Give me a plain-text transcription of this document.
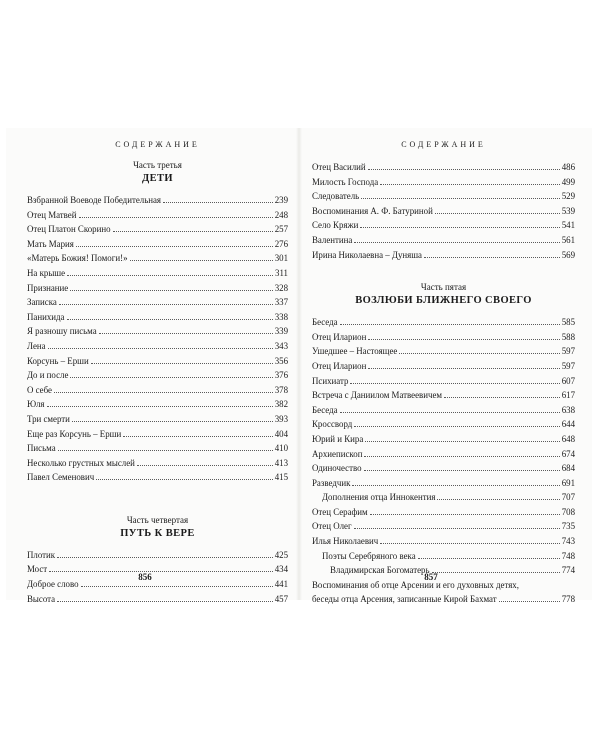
СОДЕРЖАНИЕ
Часть третья
ДЕТИ
Взбранной Воеводе Победительная	239
Отец Матвей	248
Отец Платон Скорино	257
Мать Мария	276
«Матерь Божия! Помоги!»	301
На крыше	311
Признание	328
Записка	337
Панихида	338
Я разношу письма	339
Лена	343
Корсунь – Ерши	356
До и после	376
О себе	378
Юля	382
Три смерти	393
Еще раз Корсунь – Ерши	404
Письма	410
Несколько грустных мыслей	413
Павел Семенович	415
Часть четвертая
ПУТЬ К ВЕРЕ
Плотик	425
Мост	434
Доброе слово	441
Высота	457
856
СОДЕРЖАНИЕ
Отец Василий	486
Милость Господа	499
Следователь	529
Воспоминания А. Ф. Батуриной	539
Село Кряжи	541
Валентина	561
Ирина Николаевна – Дуняша	569
Часть пятая
ВОЗЛЮБИ БЛИЖНЕГО СВОЕГО
Беседа	585
Отец Иларион	588
Ушедшее – Настоящее	597
Отец Иларион	597
Психиатр	607
Встреча с Даниилом Матвеевичем	617
Беседа	638
Кроссворд	644
Юрий и Кира	648
Архиепископ	674
Одиночество	684
Разведчик	691
Дополнения отца Иннокентия	707
Отец Серафим	708
Отец Олег	735
Илья Николаевич	743
Поэты Серебряного века	748
Владимирская Богоматерь	774
Воспоминания об отце Арсении и его духовных детях,
беседы отца Арсения, записанные Кирой Бахмат	778
857
